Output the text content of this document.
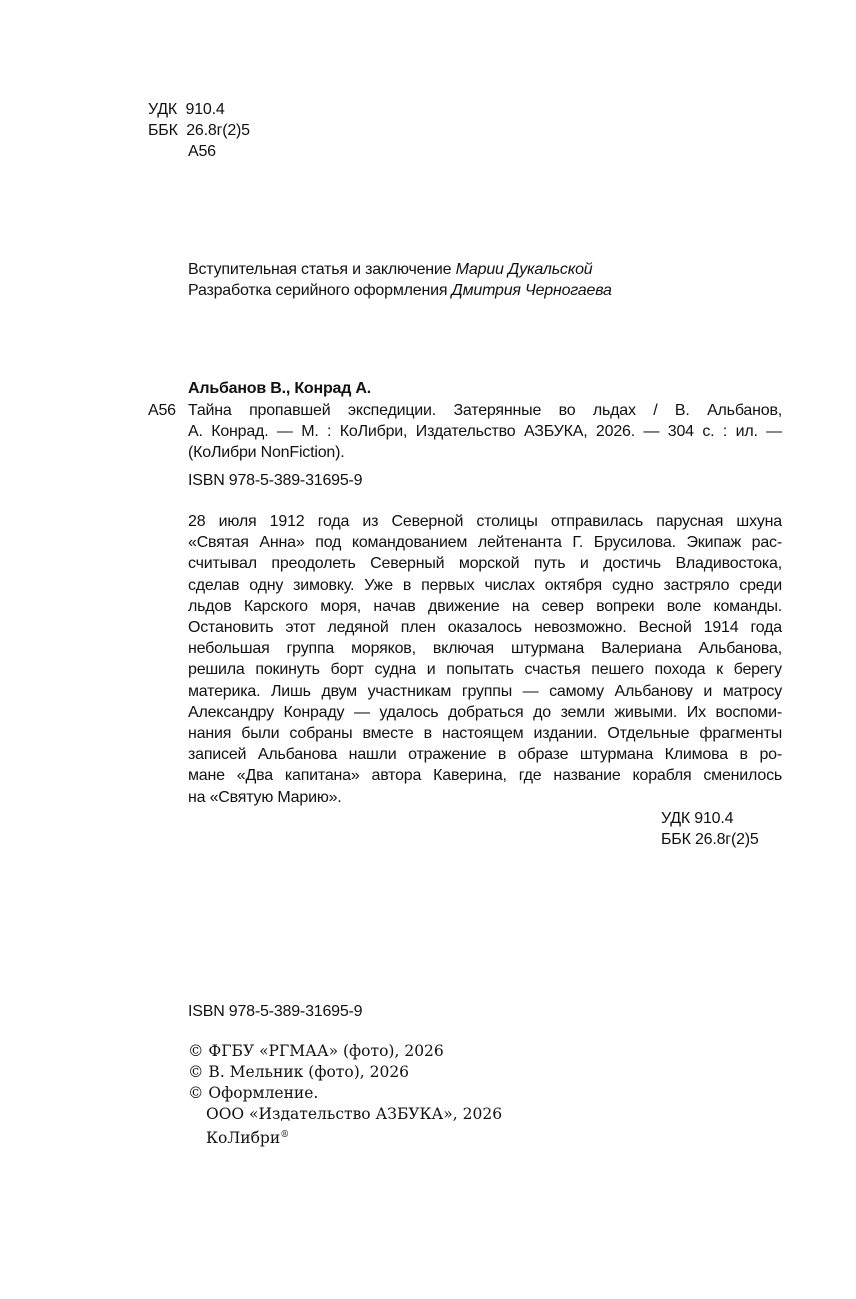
УДК 910.4
ББК 26.8г(2)5
А56
Вступительная статья и заключение Марии Дукальской
Разработка серийного оформления Дмитрия Черногаева
Альбанов В., Конрад А.
А56 Тайна пропавшей экспедиции. Затерянные во льдах / В. Альбанов,
А. Конрад. — М. : КоЛибри, Издательство АЗБУКА, 2026. — 304 с. : ил. —
(КоЛибри NonFiction).
ISBN 978-5-389-31695-9
28 июля 1912 года из Северной столицы отправилась парусная шхуна
«Святая Анна» под командованием лейтенанта Г. Брусилова. Экипаж рас-
считывал преодолеть Северный морской путь и достичь Владивостока,
сделав одну зимовку. Уже в первых числах октября судно застряло среди
льдов Карского моря, начав движение на север вопреки воле команды.
Остановить этот ледяной плен оказалось невозможно. Весной 1914 года
небольшая группа моряков, включая штурмана Валериана Альбанова,
решила покинуть борт судна и попытать счастья пешего похода к берегу
материка. Лишь двум участникам группы — самому Альбанову и матросу
Александру Конраду — удалось добраться до земли живыми. Их воспоми-
нания были собраны вместе в настоящем издании. Отдельные фрагменты
записей Альбанова нашли отражение в образе штурмана Климова в ро-
мане «Два капитана» автора Каверина, где название корабля сменилось
на «Святую Марию».
УДК 910.4
ББК 26.8г(2)5
ISBN 978-5-389-31695-9
© ФГБУ «РГМАА» (фото), 2026
© В. Мельник (фото), 2026
© Оформление.
ООО «Издательство АЗБУКА», 2026
КоЛибри®
